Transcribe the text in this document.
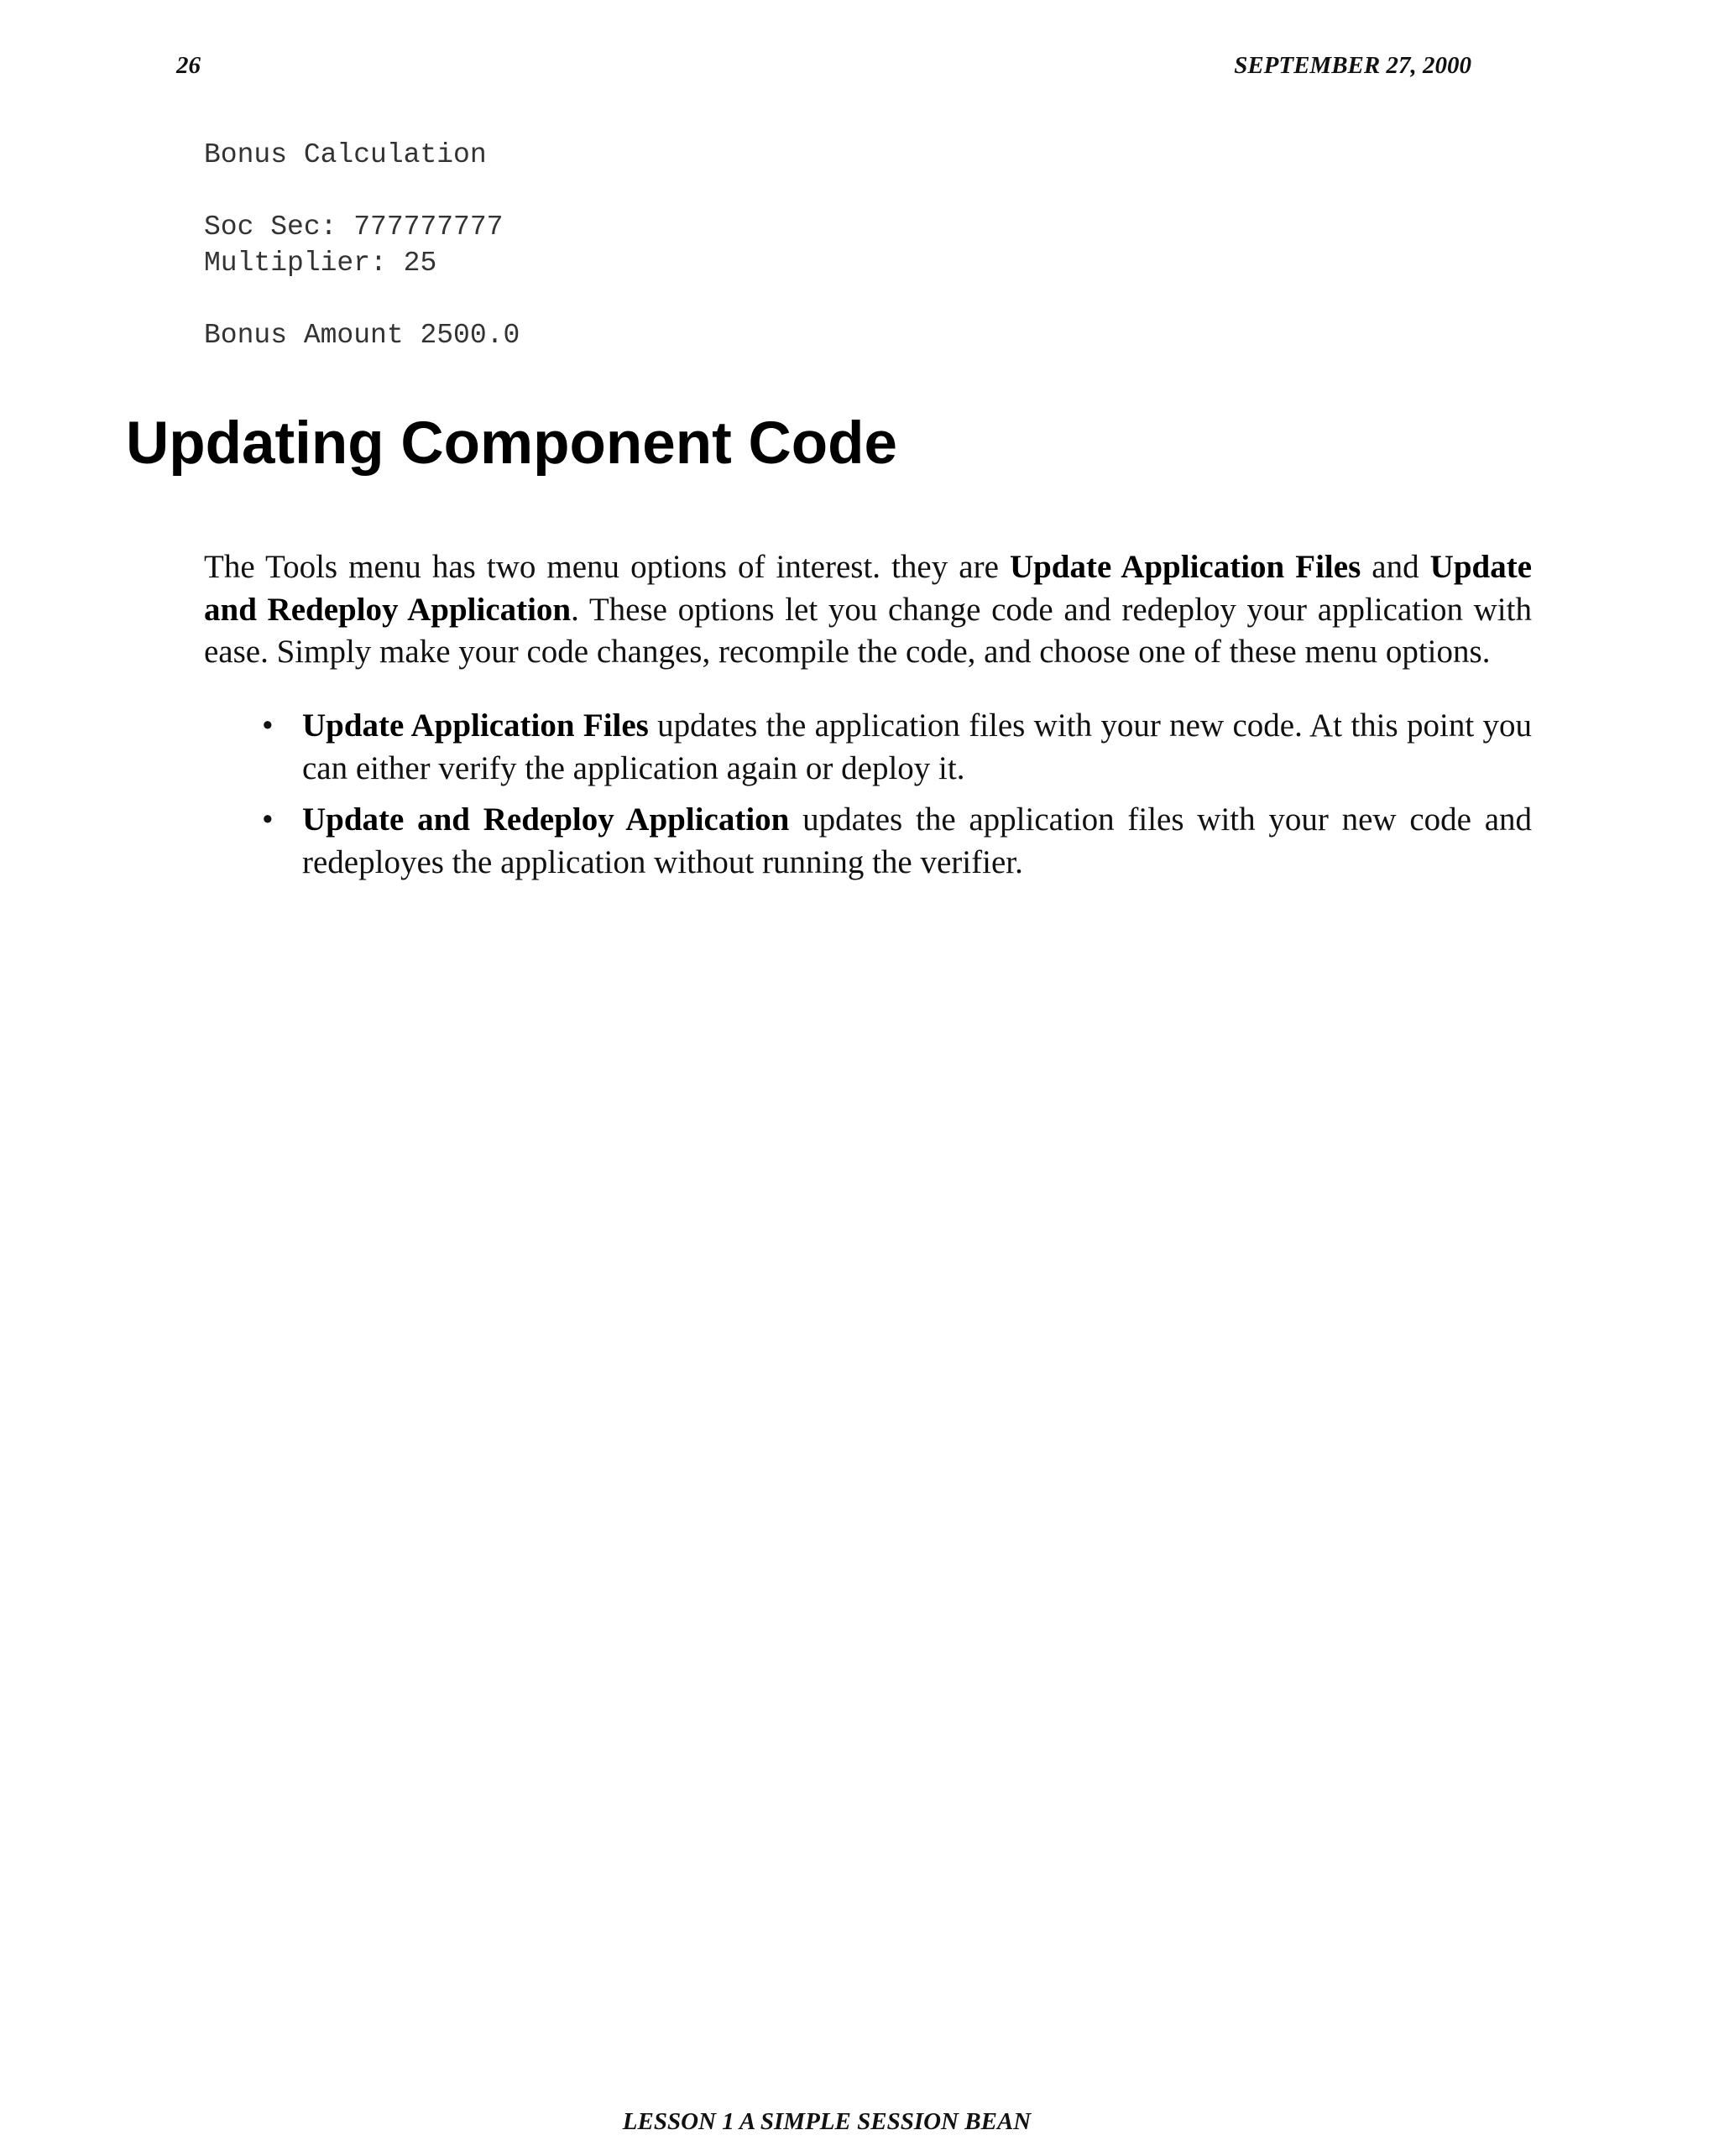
26	SEPTEMBER 27, 2000
Bonus Calculation
Soc Sec: 777777777
Multiplier: 25
Bonus Amount 2500.0
Updating Component Code

The Tools menu has two menu options of interest. they are Update Application Files and Update and Redeploy Application. These options let you change code and redeploy your application with ease. Simply make your code changes, recompile the code, and choose one of these menu options.

• Update Application Files updates the application files with your new code. At this point you can either verify the application again or deploy it.
• Update and Redeploy Application updates the application files with your new code and redeployes the application without running the verifier.
LESSON 1 A SIMPLE SESSION BEAN
